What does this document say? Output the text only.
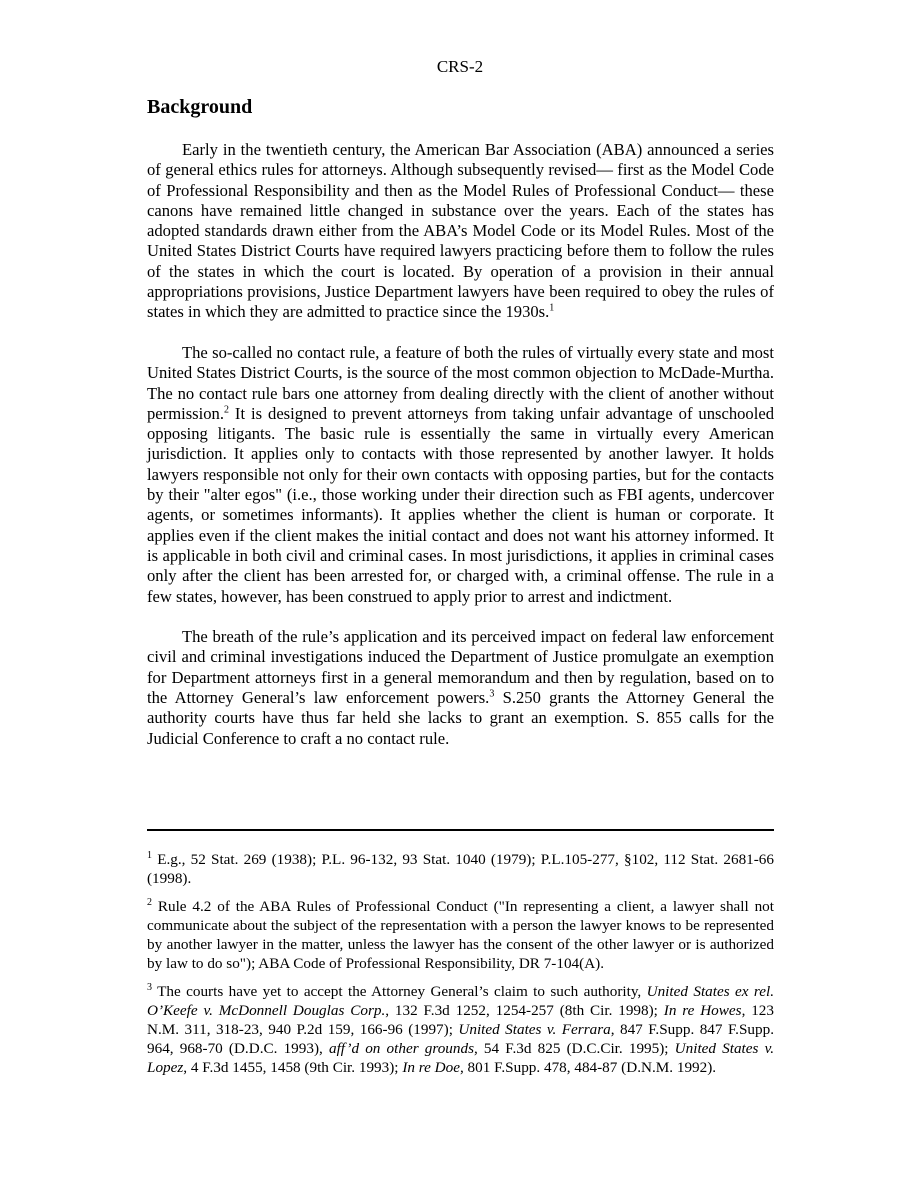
CRS-2
Background

Early in the twentieth century, the American Bar Association (ABA) announced a series of general ethics rules for attorneys. Although subsequently revised— first as the Model Code of Professional Responsibility and then as the Model Rules of Professional Conduct— these canons have remained little changed in substance over the years. Each of the states has adopted standards drawn either from the ABA’s Model Code or its Model Rules. Most of the United States District Courts have required lawyers practicing before them to follow the rules of the states in which the court is located. By operation of a provision in their annual appropriations provisions, Justice Department lawyers have been required to obey the rules of states in which they are admitted to practice since the 1930s.$^1$

The so-called no contact rule, a feature of both the rules of virtually every state and most United States District Courts, is the source of the most common objection to McDade-Murtha. The no contact rule bars one attorney from dealing directly with the client of another without permission.$^2$ It is designed to prevent attorneys from taking unfair advantage of unschooled opposing litigants. The basic rule is essentially the same in virtually every American jurisdiction. It applies only to contacts with those represented by another lawyer. It holds lawyers responsible not only for their own contacts with opposing parties, but for the contacts by their "alter egos" (i.e., those working under their direction such as FBI agents, undercover agents, or sometimes informants). It applies whether the client is human or corporate. It applies even if the client makes the initial contact and does not want his attorney informed. It is applicable in both civil and criminal cases. In most jurisdictions, it applies in criminal cases only after the client has been arrested for, or charged with, a criminal offense. The rule in a few states, however, has been construed to apply prior to arrest and indictment.

The breath of the rule’s application and its perceived impact on federal law enforcement civil and criminal investigations induced the Department of Justice promulgate an exemption for Department attorneys first in a general memorandum and then by regulation, based on to the Attorney General’s law enforcement powers.$^3$ S.250 grants the Attorney General the authority courts have thus far held she lacks to grant an exemption. S. 855 calls for the Judicial Conference to craft a no contact rule.

$^1$ E.g., 52 Stat. 269 (1938); P.L. 96-132, 93 Stat. 1040 (1979); P.L.105-277, §102, 112 Stat. 2681-66 (1998).

$^2$ Rule 4.2 of the ABA Rules of Professional Conduct ("In representing a client, a lawyer shall not communicate about the subject of the representation with a person the lawyer knows to be represented by another lawyer in the matter, unless the lawyer has the consent of the other lawyer or is authorized by law to do so"); ABA Code of Professional Responsibility, DR 7-104(A).

$^3$ The courts have yet to accept the Attorney General’s claim to such authority, United States ex rel. O’Keefe v. McDonnell Douglas Corp., 132 F.3d 1252, 1254-257 (8th Cir. 1998); In re Howes, 123 N.M. 311, 318-23, 940 P.2d 159, 166-96 (1997); United States v. Ferrara, 847 F.Supp. 847 F.Supp. 964, 968-70 (D.D.C. 1993), aff’d on other grounds, 54 F.3d 825 (D.C.Cir. 1995); United States v. Lopez, 4 F.3d 1455, 1458 (9th Cir. 1993); In re Doe, 801 F.Supp. 478, 484-87 (D.N.M. 1992).
